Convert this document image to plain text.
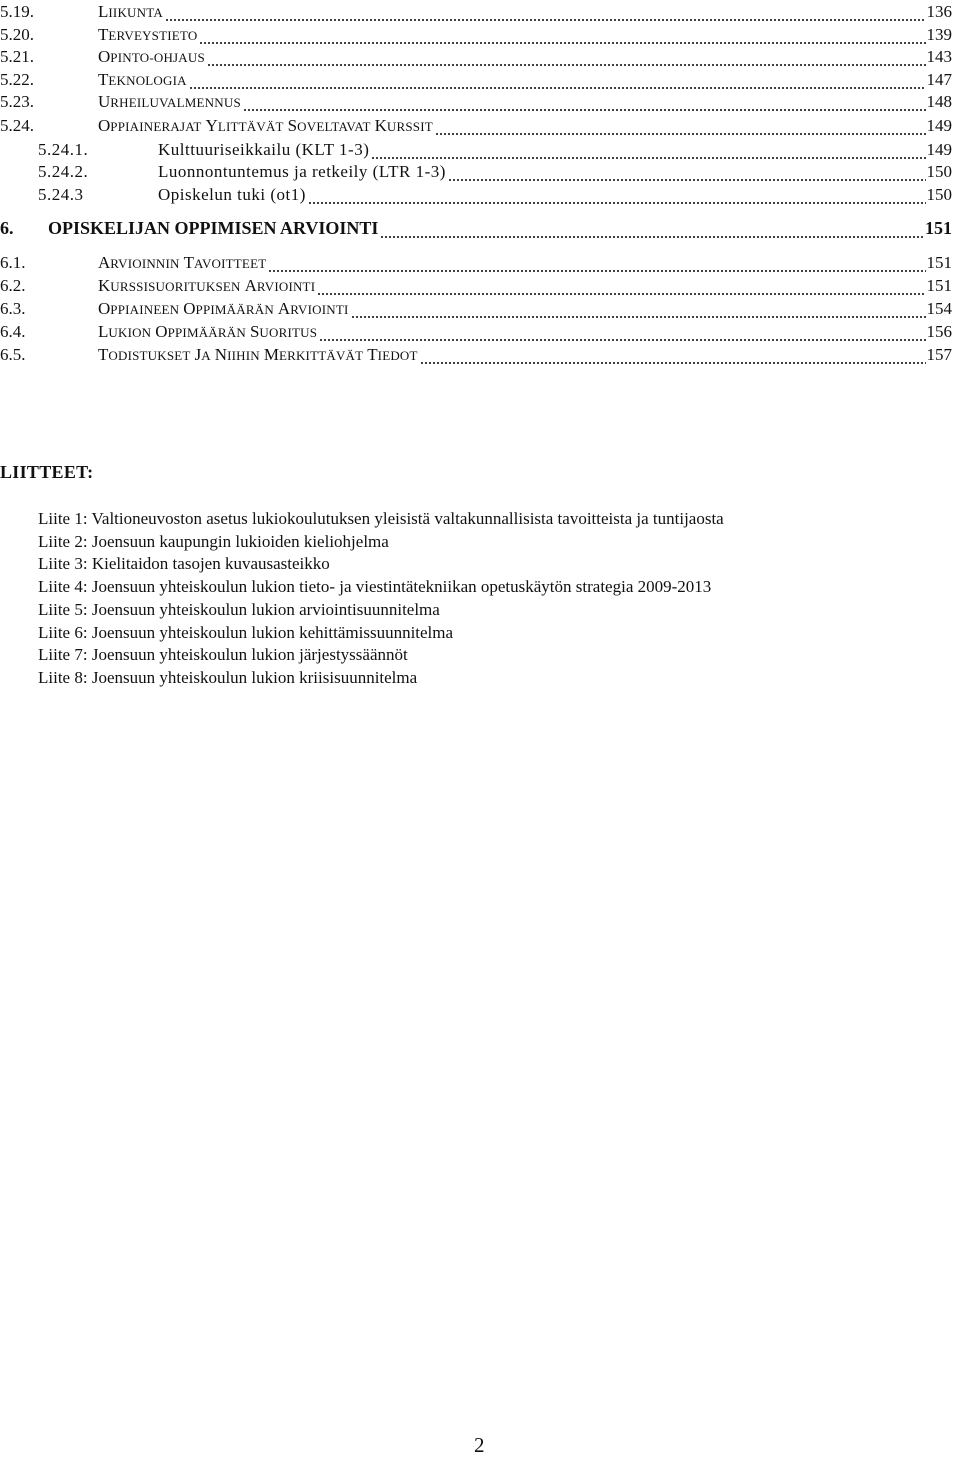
5.19.	LIIKUNTA	136
5.20.	TERVEYSTIETO	139
5.21.	OPINTO-OHJAUS	143
5.22.	TEKNOLOGIA	147
5.23.	URHEILUVALMENNUS	148
5.24.	OPPIAINERAJAT YLITTÄVÄT SOVELTAVAT KURSSIT	149
5.24.1.	Kulttuuriseikkailu (KLT 1-3)	149
5.24.2.	Luonnontuntemus ja retkeily (LTR 1-3)	150
5.24.3	Opiskelun tuki (ot1)	150
6. OPISKELIJAN OPPIMISEN ARVIOINTI	151
6.1.	ARVIOINNIN TAVOITTEET	151
6.2.	KURSSISUORITUKSEN ARVIOINTI	151
6.3.	OPPIAINEEN OPPIMÄÄRÄN ARVIOINTI	154
6.4.	LUKION OPPIMÄÄRÄN SUORITUS	156
6.5.	TODISTUKSET JA NIIHIN MERKITTÄVÄT TIEDOT	157
LIITTEET:
Liite 1: Valtioneuvoston asetus lukiokoulutuksen yleisistä valtakunnallisista tavoitteista ja tuntijaosta
Liite 2: Joensuun kaupungin lukioiden kieliohjelma
Liite 3: Kielitaidon tasojen kuvausasteikko
Liite 4: Joensuun yhteiskoulun lukion tieto- ja viestintätekniikan opetuskäytön strategia 2009-2013
Liite 5: Joensuun yhteiskoulun lukion arviointisuunnitelma
Liite 6: Joensuun yhteiskoulun lukion kehittämissuunnitelma
Liite 7: Joensuun yhteiskoulun lukion järjestyssäännöt
Liite 8: Joensuun yhteiskoulun lukion kriisisuunnitelma
2
